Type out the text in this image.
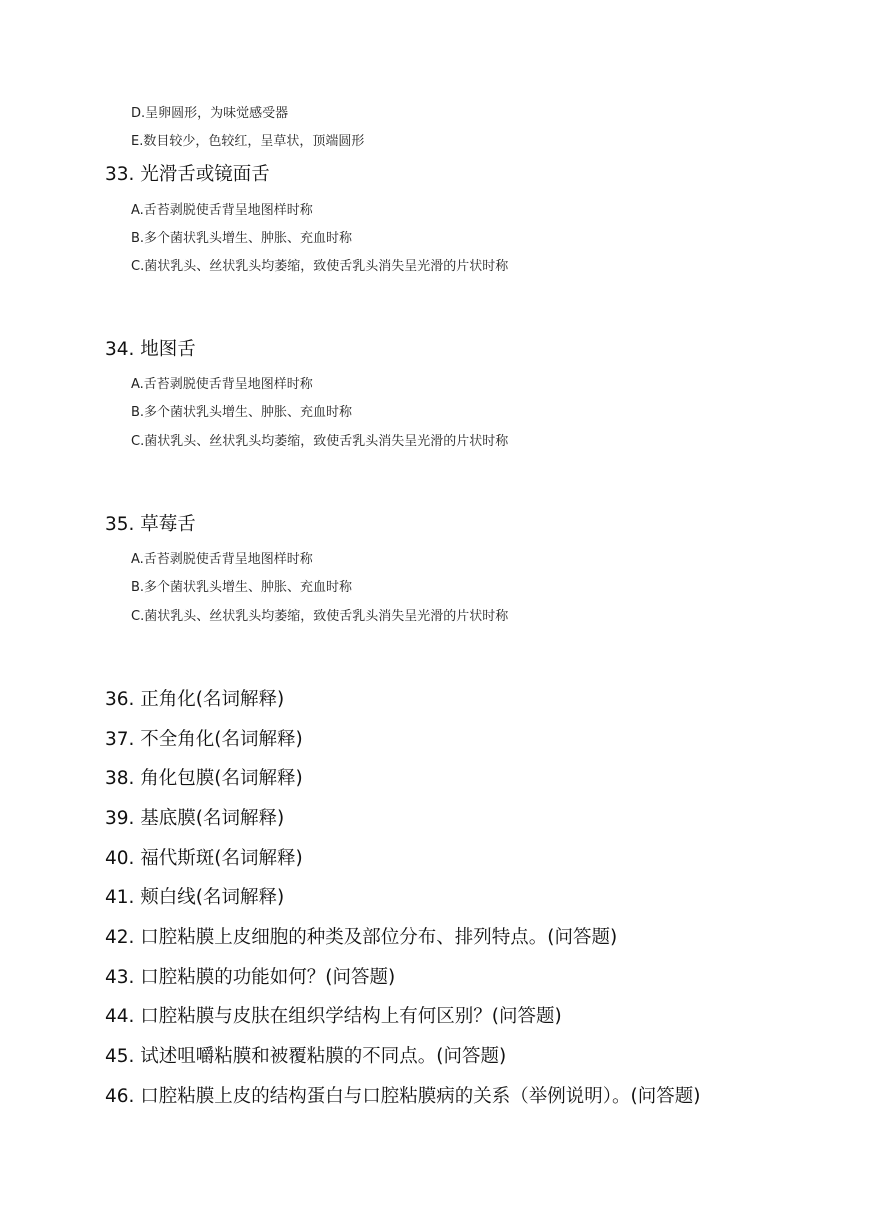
D.呈卵圆形，为味觉感受器
E.数目较少，色较红，呈草状，顶端圆形
33. 光滑舌或镜面舌
A.舌苔剥脱使舌背呈地图样时称
B.多个菌状乳头增生、肿胀、充血时称
C.菌状乳头、丝状乳头均萎缩，致使舌乳头消失呈光滑的片状时称
34. 地图舌
A.舌苔剥脱使舌背呈地图样时称
B.多个菌状乳头增生、肿胀、充血时称
C.菌状乳头、丝状乳头均萎缩，致使舌乳头消失呈光滑的片状时称
35. 草莓舌
A.舌苔剥脱使舌背呈地图样时称
B.多个菌状乳头增生、肿胀、充血时称
C.菌状乳头、丝状乳头均萎缩，致使舌乳头消失呈光滑的片状时称
36. 正角化(名词解释)
37. 不全角化(名词解释)
38. 角化包膜(名词解释)
39. 基底膜(名词解释)
40. 福代斯斑(名词解释)
41. 颊白线(名词解释)
42. 口腔粘膜上皮细胞的种类及部位分布、排列特点。(问答题)
43. 口腔粘膜的功能如何？(问答题)
44. 口腔粘膜与皮肤在组织学结构上有何区别？(问答题)
45. 试述咀嚼粘膜和被覆粘膜的不同点。(问答题)
46. 口腔粘膜上皮的结构蛋白与口腔粘膜病的关系（举例说明）。(问答题)
